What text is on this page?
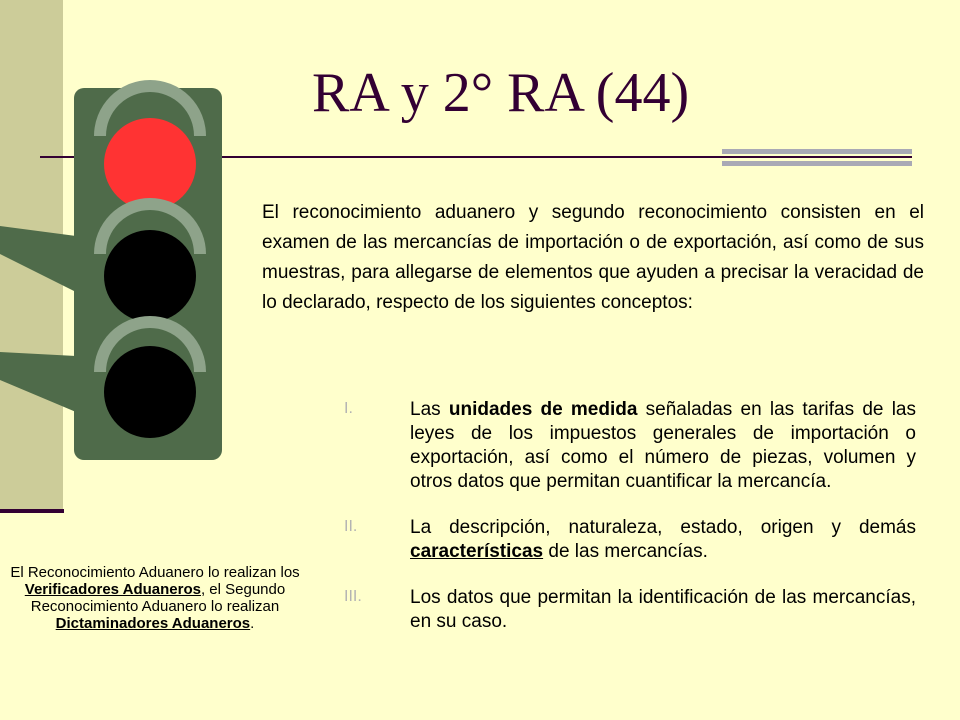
RA y 2° RA (44)

El reconocimiento aduanero y segundo reconocimiento consisten en el examen de las mercancías de importación o de exportación, así como de sus muestras, para allegarse de elementos que ayuden a precisar la veracidad de lo declarado, respecto de los siguientes conceptos:

I.	Las unidades de medida señaladas en las tarifas de las leyes de los impuestos generales de importación o exportación, así como el número de piezas, volumen y otros datos que permitan cuantificar la mercancía.

II.	La descripción, naturaleza, estado, origen y demás características de las mercancías.

III.	Los datos que permitan la identificación de las mercancías, en su caso.

El Reconocimiento Aduanero lo realizan los Verificadores Aduaneros, el Segundo Reconocimiento Aduanero lo realizan Dictaminadores Aduaneros.
